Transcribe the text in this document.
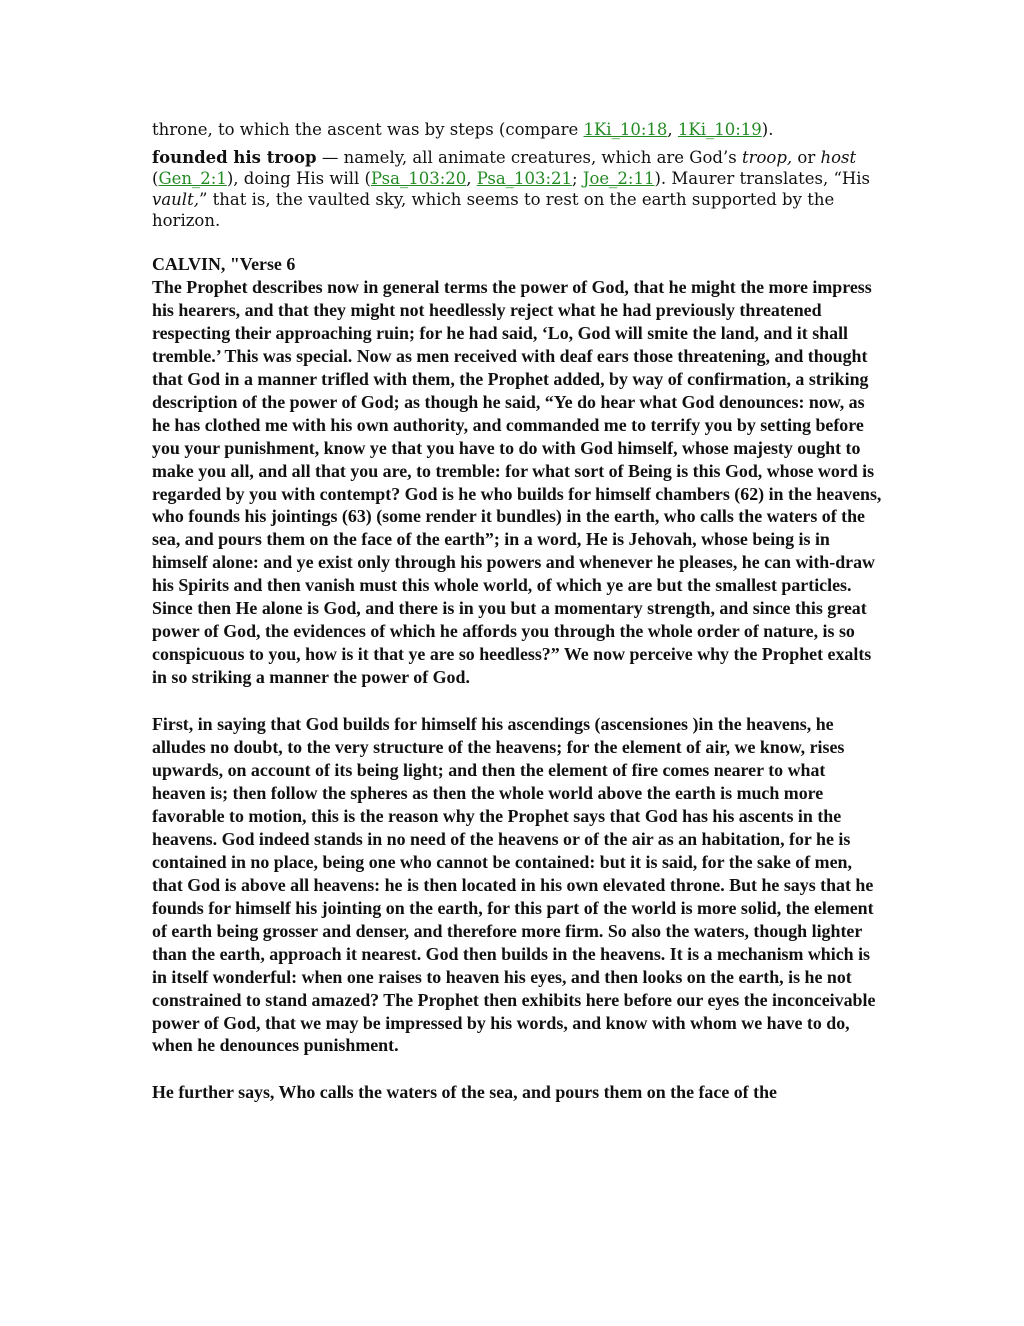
throne, to which the ascent was by steps (compare 1Ki_10:18, 1Ki_10:19).

founded his troop — namely, all animate creatures, which are God’s troop, or host
(Gen_2:1), doing His will (Psa_103:20, Psa_103:21; Joe_2:11). Maurer translates, “His vault,” that is, the vaulted sky, which seems to rest on the earth supported by the horizon.

CALVIN, "Verse 6

The Prophet describes now in general terms the power of God, that he might the more impress his hearers, and that they might not heedlessly reject what he had previously threatened respecting their approaching ruin; for he had said, ‘Lo, God will smite the land, and it shall tremble.’ This was special. Now as men received with deaf ears those threatening, and thought that God in a manner trifled with them, the Prophet added, by way of confirmation, a striking description of the power of God; as though he said, “Ye do hear what God denounces: now, as he has clothed me with his own authority, and commanded me to terrify you by setting before you your punishment, know ye that you have to do with God himself, whose majesty ought to make you all, and all that you are, to tremble: for what sort of Being is this God, whose word is regarded by you with contempt? God is he who builds for himself chambers (62) in the heavens, who founds his jointings (63) (some render it bundles) in the earth, who calls the waters of the sea, and pours them on the face of the earth”; in a word, He is Jehovah, whose being is in himself alone: and ye exist only through his powers and whenever he pleases, he can with-draw his Spirits and then vanish must this whole world, of which ye are but the smallest particles. Since then He alone is God, and there is in you but a momentary strength, and since this great power of God, the evidences of which he affords you through the whole order of nature, is so conspicuous to you, how is it that ye are so heedless?” We now perceive why the Prophet exalts in so striking a manner the power of God.

First, in saying that God builds for himself his ascendings (ascensiones )in the heavens, he alludes no doubt, to the very structure of the heavens; for the element of air, we know, rises upwards, on account of its being light; and then the element of fire comes nearer to what heaven is; then follow the spheres as then the whole world above the earth is much more favorable to motion, this is the reason why the Prophet says that God has his ascents in the heavens. God indeed stands in no need of the heavens or of the air as an habitation, for he is contained in no place, being one who cannot be contained: but it is said, for the sake of men, that God is above all heavens: he is then located in his own elevated throne. But he says that he founds for himself his jointing on the earth, for this part of the world is more solid, the element of earth being grosser and denser, and therefore more firm. So also the waters, though lighter than the earth, approach it nearest. God then builds in the heavens. It is a mechanism which is in itself wonderful: when one raises to heaven his eyes, and then looks on the earth, is he not constrained to stand amazed? The Prophet then exhibits here before our eyes the inconceivable power of God, that we may be impressed by his words, and know with whom we have to do, when he denounces punishment.

He further says, Who calls the waters of the sea, and pours them on the face of the
